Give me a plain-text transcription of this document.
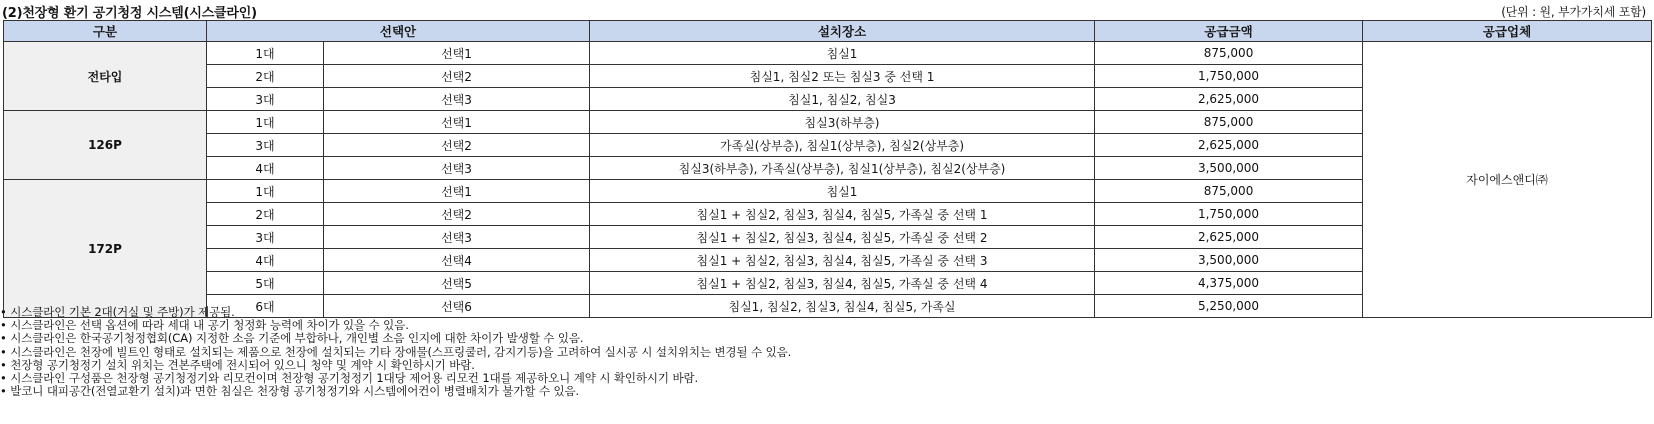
(2)천장형 환기 공기청정 시스템(시스클라인)	(단위 : 원, 부가가치세 포함)
구분	선택안		설치장소	공급금액	공급업체
전타입	1대	선택1	침실1	875,000	자이에스앤디㈜
	2대	선택2	침실1, 침실2 또는 침실3 중 선택 1	1,750,000	
	3대	선택3	침실1, 침실2, 침실3	2,625,000	
126P	1대	선택1	침실3(하부층)	875,000	
	3대	선택2	가족실(상부층), 침실1(상부층), 침실2(상부층)	2,625,000	
	4대	선택3	침실3(하부층), 가족실(상부층), 침실1(상부층), 침실2(상부층)	3,500,000	
172P	1대	선택1	침실1	875,000	
	2대	선택2	침실1 + 침실2, 침실3, 침실4, 침실5, 가족실 중 선택 1	1,750,000	
	3대	선택3	침실1 + 침실2, 침실3, 침실4, 침실5, 가족실 중 선택 2	2,625,000	
	4대	선택4	침실1 + 침실2, 침실3, 침실4, 침실5, 가족실 중 선택 3	3,500,000	
	5대	선택5	침실1 + 침실2, 침실3, 침실4, 침실5, 가족실 중 선택 4	4,375,000	
	6대	선택6	침실1, 침실2, 침실3, 침실4, 침실5, 가족실	5,250,000	
• 시스클라인 기본 2대(거실 및 주방)가 제공됨.
• 시스클라인은 선택 옵션에 따라 세대 내 공기 청정화 능력에 차이가 있을 수 있음.
• 시스클라인은 한국공기청정협회(CA) 지정한 소음 기준에 부합하나, 개인별 소음 인지에 대한 차이가 발생할 수 있음.
• 시스클라인은 천장에 빌트인 형태로 설치되는 제품으로 천장에 설치되는 기타 장애물(스프링쿨러, 감지기등)을 고려하여 실시공 시 설치위치는 변경될 수 있음.
• 천장형 공기청정기 설치 위치는 견본주택에 전시되어 있으니 청약 및 계약 시 확인하시기 바람.
• 시스클라인 구성품은 천장형 공기청정기와 리모컨이며 천장형 공기청정기 1대당 제어용 리모컨 1대를 제공하오니 계약 시 확인하시기 바람.
• 발코니 대피공간(전열교환기 설치)과 면한 침실은 천장형 공기청정기와 시스템에어컨이 병렬배치가 불가할 수 있음.
